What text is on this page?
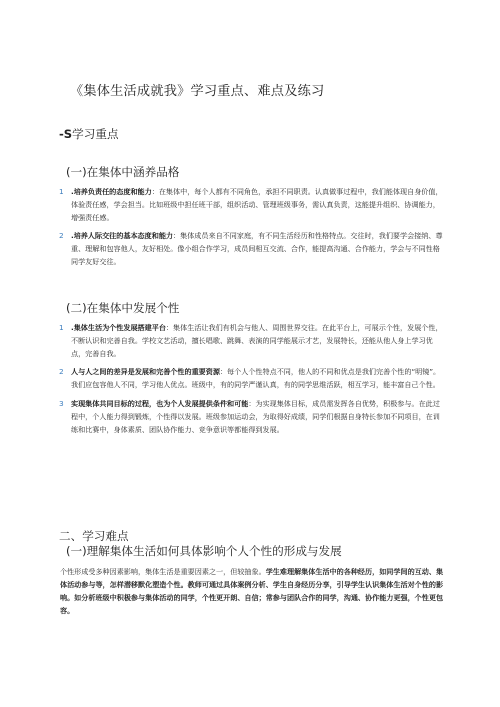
《集体生活成就我》学习重点、难点及练习
-S学习重点
(一)在集体中涵养品格
1 .培养负责任的态度和能力：在集体中，每个人都有不同角色，承担不同职责。认真做事过程中，我们能体现自身价值，体验责任感，学会担当。比如班级中担任班干部，组织活动、管理班级事务，需认真负责，这能提升组织、协调能力，增强责任感。
2 .培养人际交往的基本态度和能力：集体成员来自不同家庭，有不同生活经历和性格特点。交往时，我们要学会接纳、尊重、理解和包容他人，友好相处。像小组合作学习，成员间相互交流、合作，能提高沟通、合作能力，学会与不同性格同学友好交往。
(二)在集体中发展个性
1 .集体生活为个性发展搭建平台：集体生活让我们有机会与他人、周围世界交往。在此平台上，可展示个性，发展个性，不断认识和完善自我。学校文艺活动，擅长唱歌、跳舞、表演的同学能展示才艺，发展特长，还能从他人身上学习优点，完善自我。
2 人与人之间的差异是发展和完善个性的重要资源：每个人个性特点不同，他人的不同和优点是我们完善个性的“明镜”。我们应包容他人不同，学习他人优点。班级中，有的同学严谨认真，有的同学思维活跃，相互学习，能丰富自己个性。
3 实现集体共同目标的过程，也为个人发展提供条件和可能：为实现集体目标，成员需发挥各自优势，积极参与。在此过程中，个人能力得到锻炼，个性得以发展。班级参加运动会，为取得好成绩，同学们根据自身特长参加不同项目，在训练和比赛中，身体素质、团队协作能力、竞争意识等都能得到发展。
二、学习难点
(一)理解集体生活如何具体影响个人个性的形成与发展

个性形成受多种因素影响，集体生活是重要因素之一，但较抽象。学生难理解集体生活中的各种经历，如同学间的互动、集体活动参与等，怎样潜移默化塑造个性。教师可通过具体案例分析、学生自身经历分享，引导学生认识集体生活对个性的影响。如分析班级中积极参与集体活动的同学，个性更开朗、自信；常参与团队合作的同学，沟通、协作能力更强，个性更包容。
